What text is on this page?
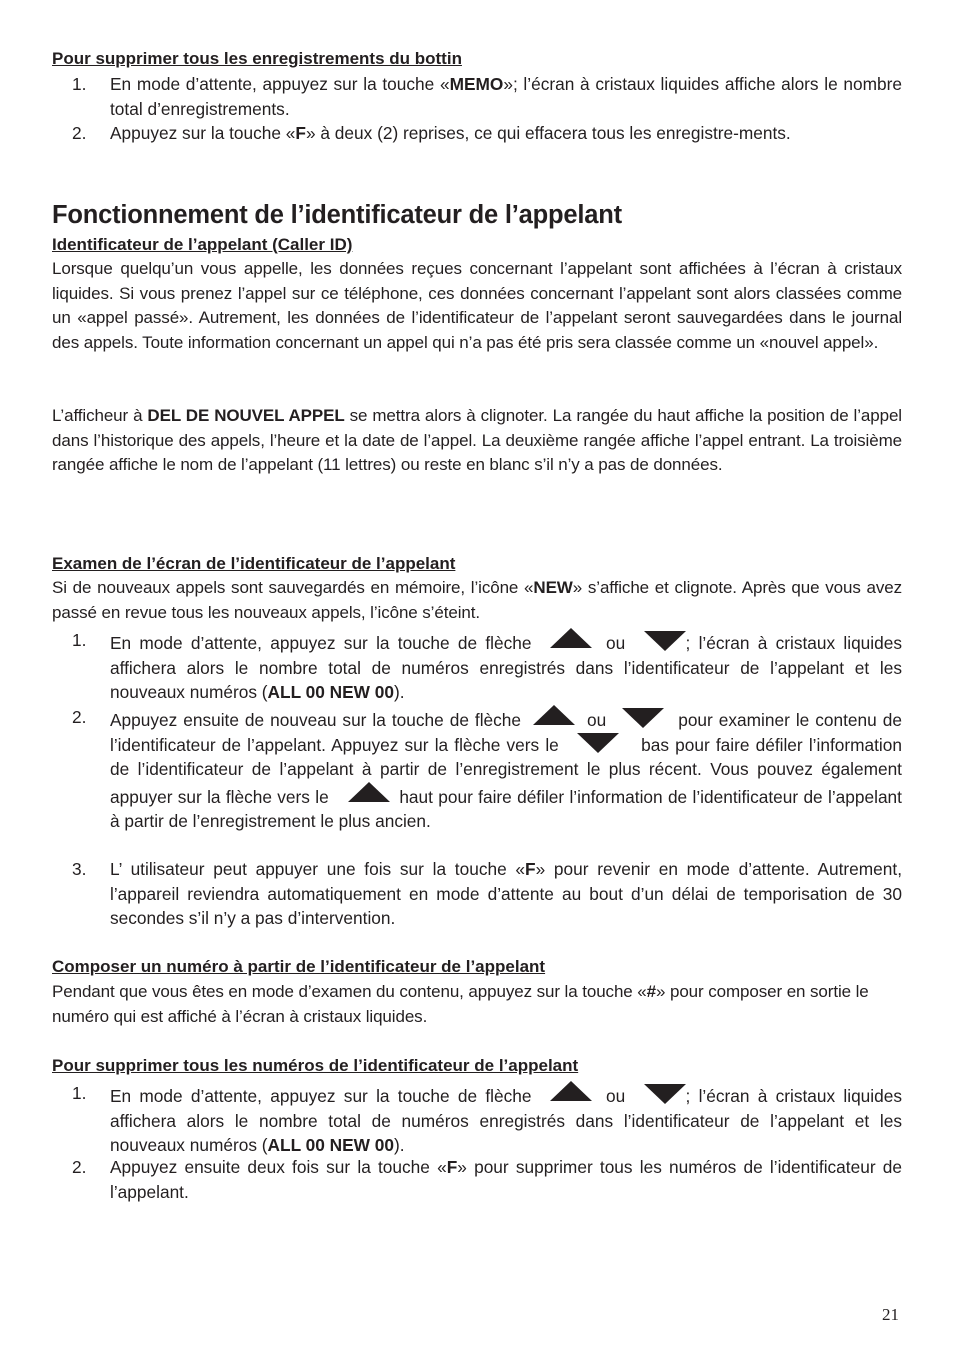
Pour supprimer tous les enregistrements du bottin
1. En mode d’attente, appuyez sur la touche «MEMO»; l’écran à cristaux liquides affiche alors le nombre total d’enregistrements.
2. Appuyez sur la touche «F» à deux (2) reprises, ce qui effacera tous les enregistre-ments.
Fonctionnement de l’identificateur de l’appelant
Identificateur de l’appelant (Caller ID)
Lorsque quelqu’un vous appelle, les données reçues concernant l’appelant sont affichées à l’écran à cristaux liquides. Si vous prenez l’appel sur ce téléphone, ces données concernant l’appelant sont alors classées comme un «appel passé». Autrement, les données de l’identificateur de l’appelant seront sauvegardées dans le journal des appels. Toute information concernant un appel qui n’a pas été pris sera classée comme un «nouvel appel».
L’afficheur à DEL DE NOUVEL APPEL se mettra alors à clignoter. La rangée du haut affiche la position de l’appel dans l’historique des appels, l’heure et la date de l’appel. La deuxième rangée affiche l’appel entrant. La troisième rangée affiche le nom de l’appelant (11 lettres) ou reste en blanc s’il n’y a pas de données.
Examen de l’écran de l’identificateur de l’appelant
Si de nouveaux appels sont sauvegardés en mémoire, l’icône «NEW» s’affiche et clignote. Après que vous avez passé en revue tous les nouveaux appels, l’icône s’éteint.
1. En mode d’attente, appuyez sur la touche de flèche	ou	; l’écran à cristaux liquides affichera alors le nombre total de numéros enregistrés dans l’identificateur de l’appelant et les nouveaux numéros (ALL 00 NEW 00).
2. Appuyez ensuite de nouveau sur la touche de flèche	ou	pour examiner le contenu de l’identificateur de l’appelant. Appuyez sur la flèche vers le	bas pour faire défiler l’information de l’identificateur de l’appelant à partir de l’enregistrement le plus récent. Vous pouvez également appuyer sur la flèche vers le	haut pour faire défiler l’information de l’identificateur de l’appelant à partir de l’enregistrement le plus ancien.
3. L’ utilisateur peut appuyer une fois sur la touche «F» pour revenir en mode d’attente. Autrement, l’appareil reviendra automatiquement en mode d’attente au bout d’un délai de temporisation de 30 secondes s’il n’y a pas d’intervention.
Composer un numéro à partir de l’identificateur de l’appelant
Pendant que vous êtes en mode d’examen du contenu, appuyez sur la touche «#» pour composer en sortie le numéro qui est affiché à l’écran à cristaux liquides.
Pour supprimer tous les numéros de l’identificateur de l’appelant
1. En mode d’attente, appuyez sur la touche de flèche	ou	; l’écran à cristaux liquides affichera alors le nombre total de numéros enregistrés dans l’identificateur de l’appelant et les nouveaux numéros (ALL 00 NEW 00).
2. Appuyez ensuite deux fois sur la touche «F» pour supprimer tous les numéros de l’identificateur de l’appelant.
21
